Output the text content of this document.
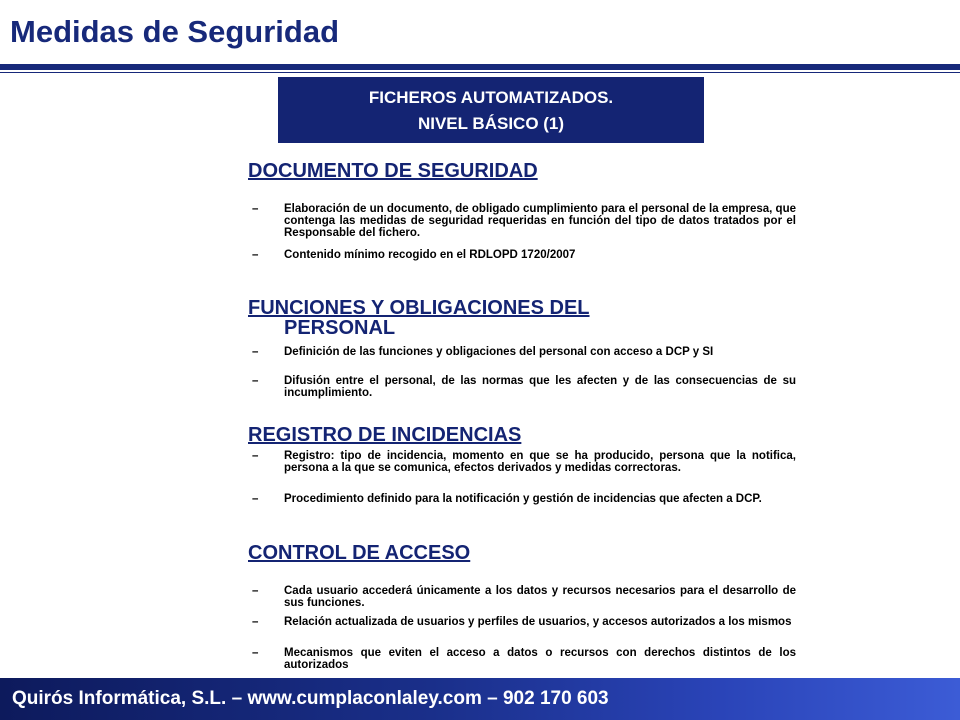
Medidas de Seguridad
FICHEROS AUTOMATIZADOS.
NIVEL BÁSICO (1)
DOCUMENTO DE SEGURIDAD
–	Elaboración de un documento, de obligado cumplimiento para el personal de la empresa, que contenga las medidas de seguridad requeridas en función del tipo de datos tratados por el Responsable del fichero.
–	Contenido mínimo recogido en el RDLOPD 1720/2007
FUNCIONES Y OBLIGACIONES DEL
PERSONAL
–	Definición de las funciones y obligaciones del personal con acceso a DCP y SI
–	Difusión entre el personal, de las normas que les afecten y de las consecuencias de su incumplimiento.
REGISTRO DE INCIDENCIAS
–	Registro: tipo de incidencia, momento en que se ha producido, persona que la notifica, persona a la que se comunica, efectos derivados y medidas correctoras.
–	Procedimiento definido para la notificación y gestión de incidencias que afecten a DCP.
CONTROL DE ACCESO
–	Cada usuario accederá únicamente a los datos y recursos necesarios para el desarrollo de sus funciones.
–	Relación actualizada de usuarios y perfiles de usuarios, y accesos autorizados a los mismos
–	Mecanismos que eviten el acceso a datos o recursos con derechos distintos de los autorizados
Quirós Informática, S.L. – www.cumplaconlaley.com – 902 170 603
